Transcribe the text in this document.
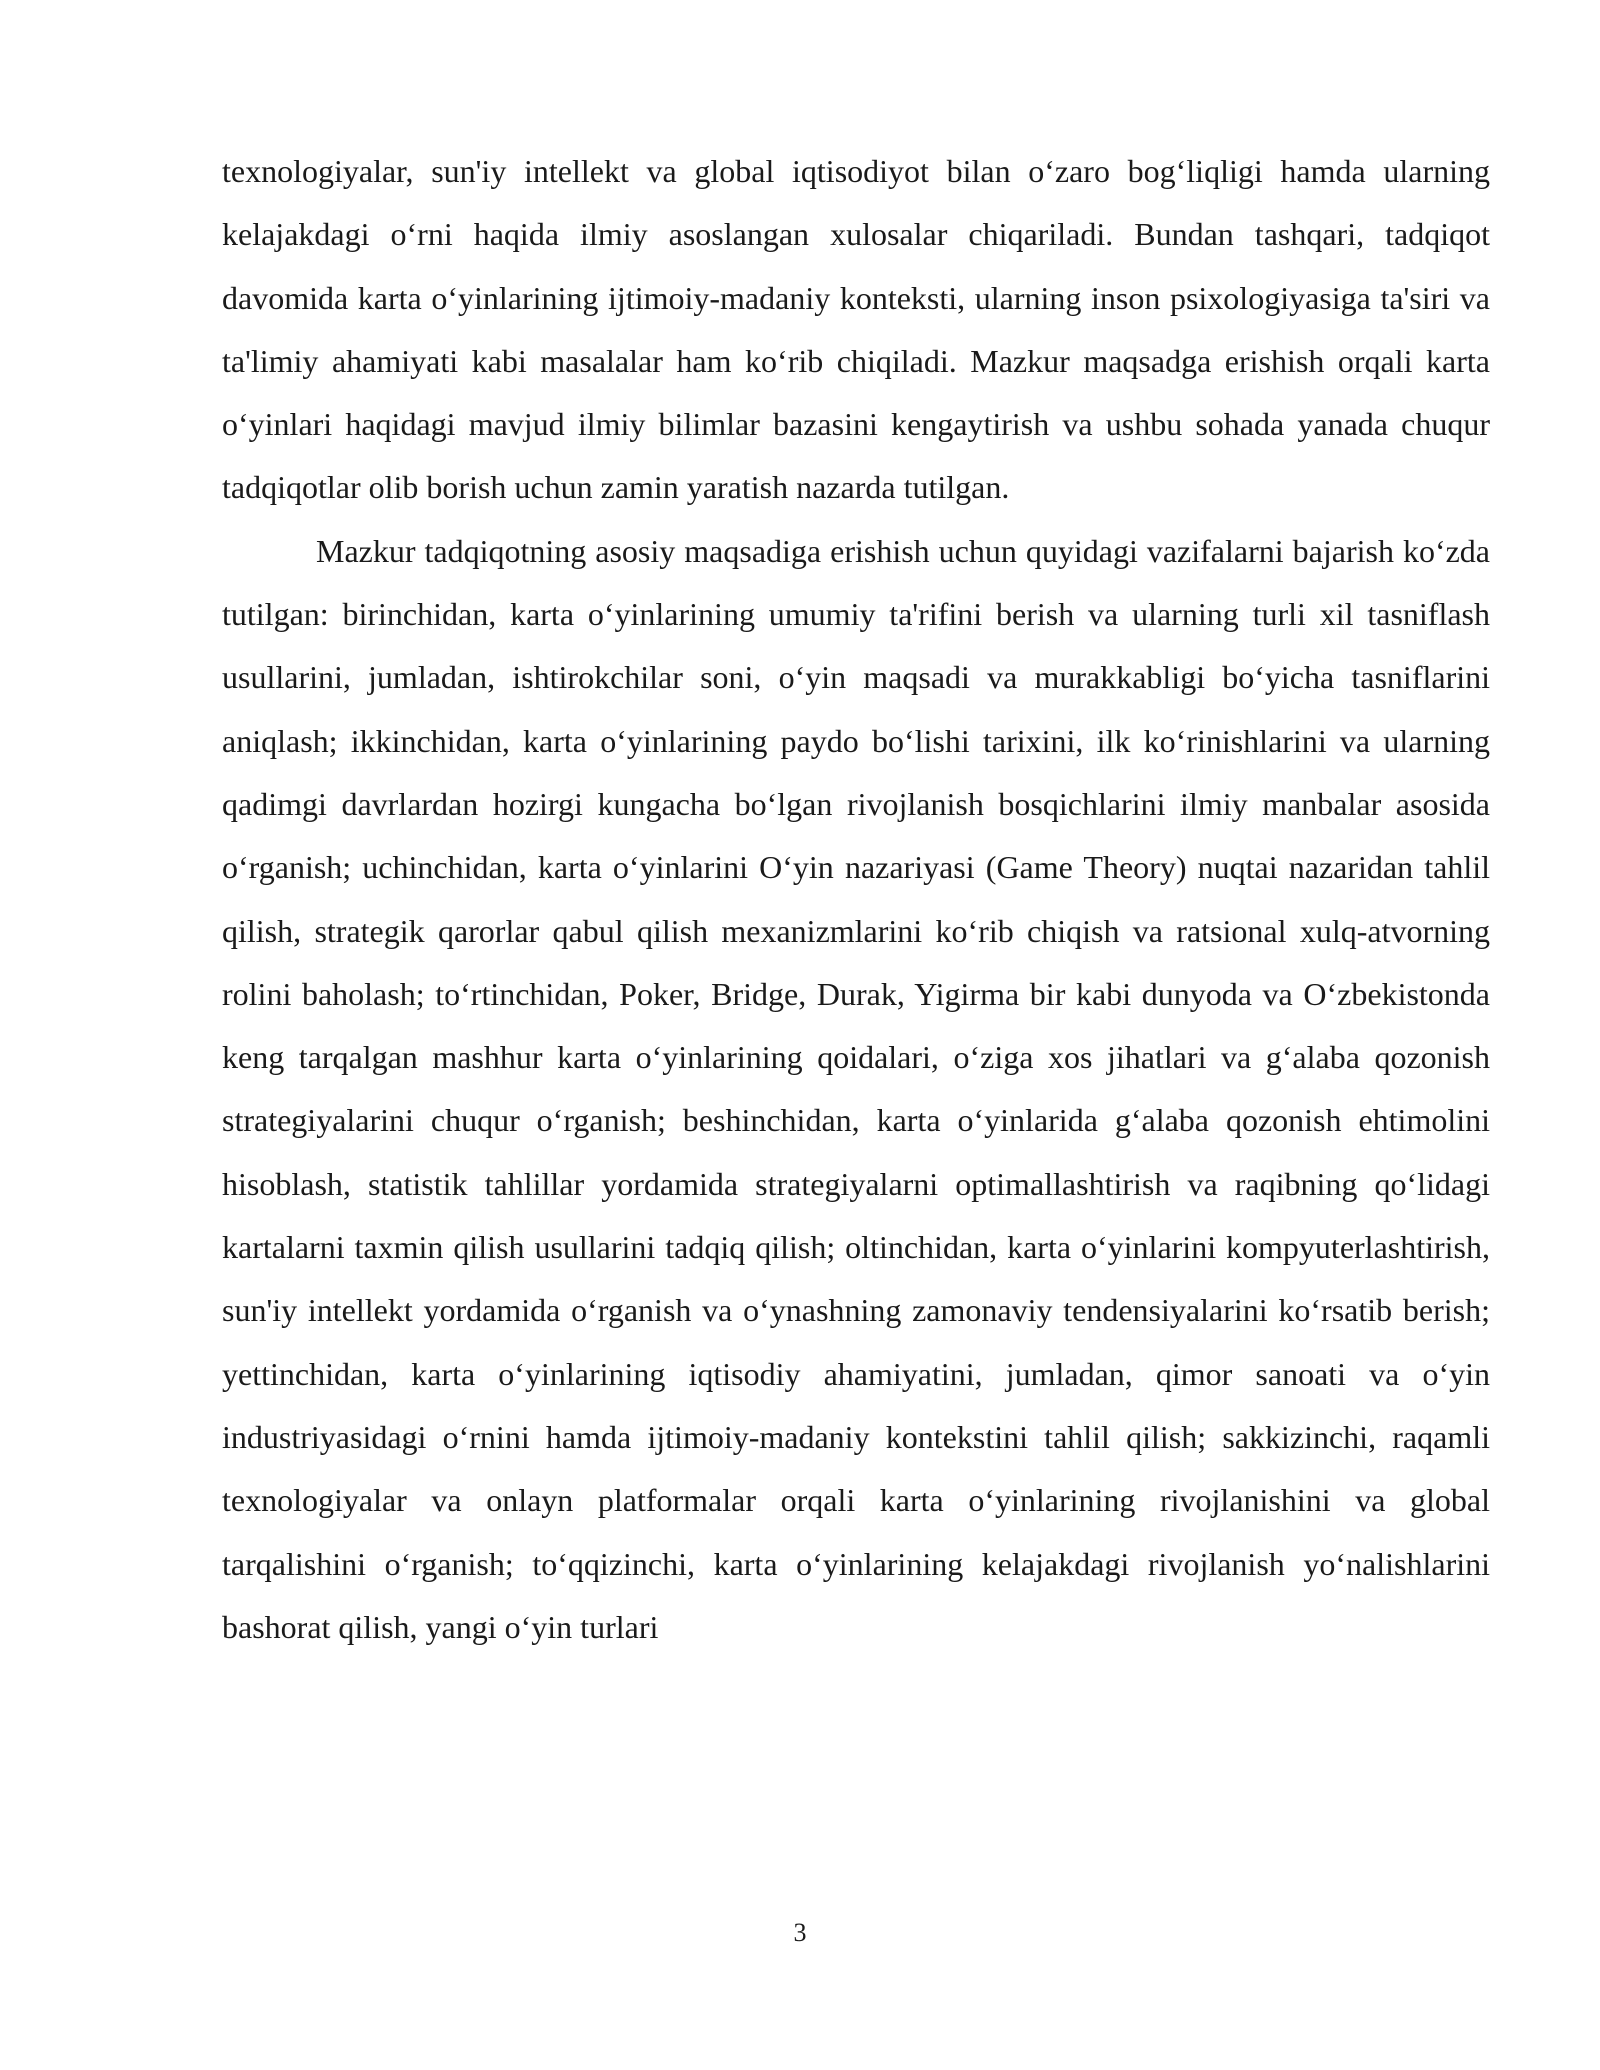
texnologiyalar, sun'iy intellekt va global iqtisodiyot bilan o‘zaro bog‘liqligi hamda ularning kelajakdagi o‘rni haqida ilmiy asoslangan xulosalar chiqariladi. Bundan tashqari, tadqiqot davomida karta o‘yinlarining ijtimoiy-madaniy konteksti, ularning inson psixologiyasiga ta'siri va ta'limiy ahamiyati kabi masalalar ham ko‘rib chiqiladi. Mazkur maqsadga erishish orqali karta o‘yinlari haqidagi mavjud ilmiy bilimlar bazasini kengaytirish va ushbu sohada yanada chuqur tadqiqotlar olib borish uchun zamin yaratish nazarda tutilgan.

Mazkur tadqiqotning asosiy maqsadiga erishish uchun quyidagi vazifalarni bajarish ko‘zda tutilgan: birinchidan, karta o‘yinlarining umumiy ta'rifini berish va ularning turli xil tasniflash usullarini, jumladan, ishtirokchilar soni, o‘yin maqsadi va murakkabligi bo‘yicha tasniflarini aniqlash; ikkinchidan, karta o‘yinlarining paydo bo‘lishi tarixini, ilk ko‘rinishlarini va ularning qadimgi davrlardan hozirgi kungacha bo‘lgan rivojlanish bosqichlarini ilmiy manbalar asosida o‘rganish; uchinchidan, karta o‘yinlarini O‘yin nazariyasi (Game Theory) nuqtai nazaridan tahlil qilish, strategik qarorlar qabul qilish mexanizmlarini ko‘rib chiqish va ratsional xulq-atvorning rolini baholash; to‘rtinchidan, Poker, Bridge, Durak, Yigirma bir kabi dunyoda va O‘zbekistonda keng tarqalgan mashhur karta o‘yinlarining qoidalari, o‘ziga xos jihatlari va g‘alaba qozonish strategiyalarini chuqur o‘rganish; beshinchidan, karta o‘yinlarida g‘alaba qozonish ehtimolini hisoblash, statistik tahlillar yordamida strategiyalarni optimallashtirish va raqibning qo‘lidagi kartalarni taxmin qilish usullarini tadqiq qilish; oltinchidan, karta o‘yinlarini kompyuterlashtirish, sun'iy intellekt yordamida o‘rganish va o‘ynashning zamonaviy tendensiyalarini ko‘rsatib berish; yettinchidan, karta o‘yinlarining iqtisodiy ahamiyatini, jumladan, qimor sanoati va o‘yin industriyasidagi o‘rnini hamda ijtimoiy-madaniy kontekstini tahlil qilish; sakkizinchi, raqamli texnologiyalar va onlayn platformalar orqali karta o‘yinlarining rivojlanishini va global tarqalishini o‘rganish; to‘qqizinchi, karta o‘yinlarining kelajakdagi rivojlanish yo‘nalishlarini bashorat qilish, yangi o‘yin turlari

3
